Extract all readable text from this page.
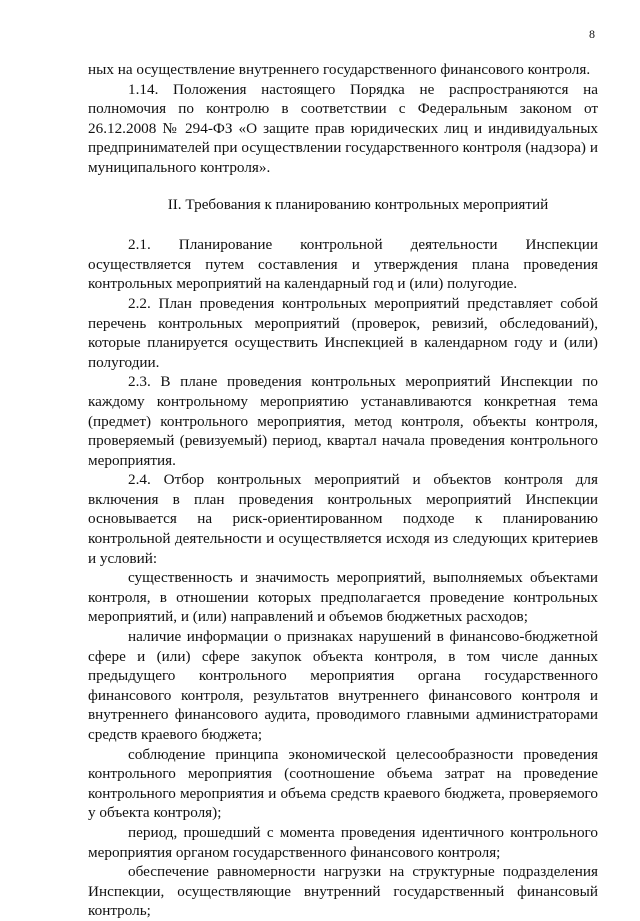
8

ных на осуществление внутреннего государственного финансового контроля.

1.14. Положения настоящего Порядка не распространяются на полномочия по контролю в соответствии с Федеральным законом от 26.12.2008 № 294-ФЗ «О защите прав юридических лиц и индивидуальных предпринимателей при осуществлении государственного контроля (надзора) и муниципального контроля».

II. Требования к планированию контрольных мероприятий

2.1. Планирование контрольной деятельности Инспекции осуществляется путем составления и утверждения плана проведения контрольных мероприятий на календарный год и (или) полугодие.

2.2. План проведения контрольных мероприятий представляет собой перечень контрольных мероприятий (проверок, ревизий, обследований), которые планируется осуществить Инспекцией в календарном году и (или) полугодии.

2.3. В плане проведения контрольных мероприятий Инспекции по каждому контрольному мероприятию устанавливаются конкретная тема (предмет) контрольного мероприятия, метод контроля, объекты контроля, проверяемый (ревизуемый) период, квартал начала проведения контрольного мероприятия.

2.4. Отбор контрольных мероприятий и объектов контроля для включения в план проведения контрольных мероприятий Инспекции основывается на риск-ориентированном подходе к планированию контрольной деятельности и осуществляется исходя из следующих критериев и условий:

существенность и значимость мероприятий, выполняемых объектами контроля, в отношении которых предполагается проведение контрольных мероприятий, и (или) направлений и объемов бюджетных расходов;

наличие информации о признаках нарушений в финансово-бюджетной сфере и (или) сфере закупок объекта контроля, в том числе данных предыдущего контрольного мероприятия органа государственного финансового контроля, результатов внутреннего финансового контроля и внутреннего финансового аудита, проводимого главными администраторами средств краевого бюджета;

соблюдение принципа экономической целесообразности проведения контрольного мероприятия (соотношение объема затрат на проведение контрольного мероприятия и объема средств краевого бюджета, проверяемого у объекта контроля);

период, прошедший с момента проведения идентичного контрольного мероприятия органом государственного финансового контроля;

обеспечение равномерности нагрузки на структурные подразделения Инспекции, осуществляющие внутренний государственный финансовый контроль;
